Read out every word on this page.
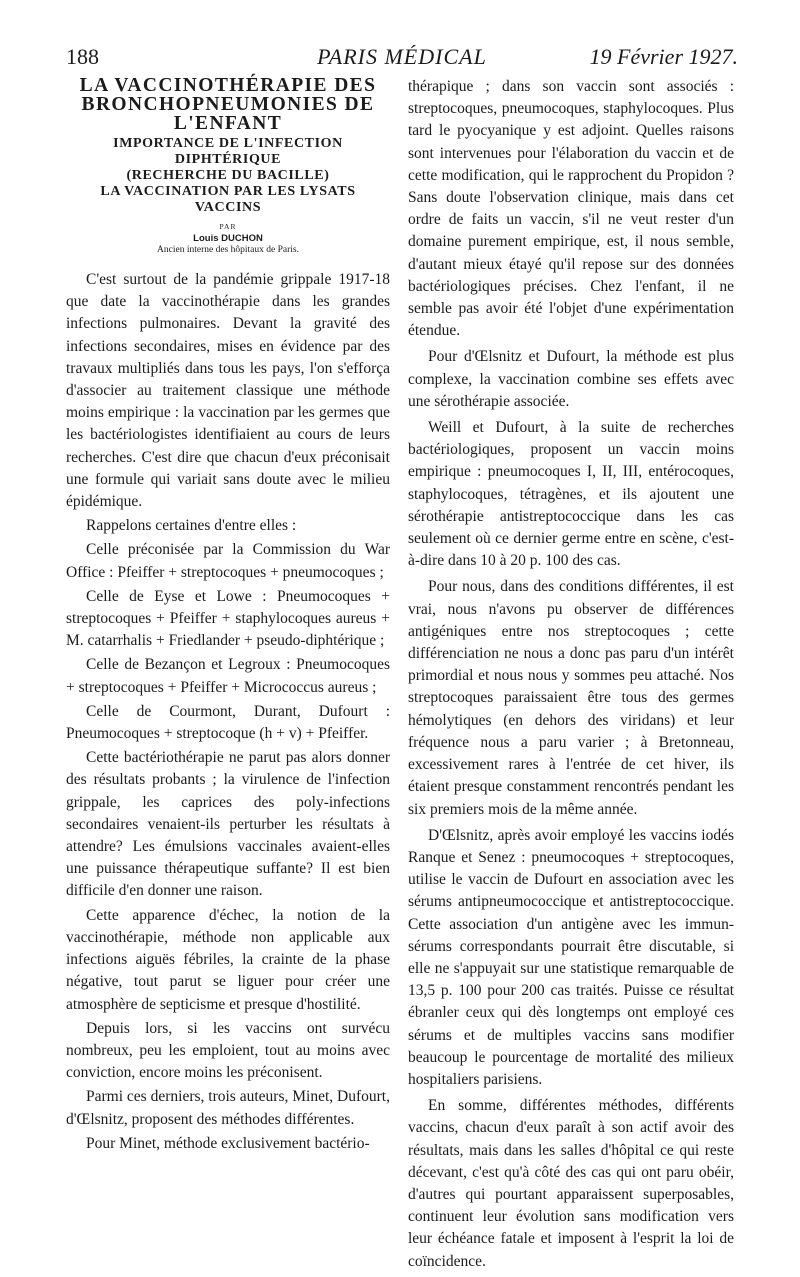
188	PARIS MÉDICAL	19 Février 1927.
LA VACCINOTHÉRAPIE DES
BRONCHOPNEUMONIES DE
L'ENFANT
IMPORTANCE DE L'INFECTION
DIPHTÉRIQUE
(RECHERCHE DU BACILLE)
LA VACCINATION PAR LES LYSATS
VACCINS
PAR
Louis DUCHON
Ancien interne des hôpitaux de Paris.

C'est surtout de la pandémie grippale 1917-18 que date la vaccinothérapie dans les grandes infections pulmonaires. Devant la gravité des infections secondaires, mises en évidence par des travaux multipliés dans tous les pays, l'on s'efforça d'associer au traitement classique une méthode moins empirique : la vaccination par les germes que les bactériologistes identifiaient au cours de leurs recherches. C'est dire que chacun d'eux préconisait une formule qui variait sans doute avec le milieu épidémique.

Rappelons certaines d'entre elles :

Celle préconisée par la Commission du War Office : Pfeiffer + streptocoques + pneumocoques ;

Celle de Eyse et Lowe : Pneumocoques + streptocoques + Pfeiffer + staphylocoques aureus + M. catarrhalis + Friedlander + pseudo-diphtérique ;

Celle de Bezançon et Legroux : Pneumocoques + streptocoques + Pfeiffer + Micrococcus aureus ;

Celle de Courmont, Durant, Dufourt : Pneumocoques + streptocoque (h + v) + Pfeiffer.

Cette bactériothérapie ne parut pas alors donner des résultats probants ; la virulence de l'infection grippale, les caprices des poly-infections secondaires venaient-ils perturber les résultats à attendre? Les émulsions vaccinales avaient-elles une puissance thérapeutique suffante? Il est bien difficile d'en donner une raison.

Cette apparence d'échec, la notion de la vaccinothérapie, méthode non applicable aux infections aiguës fébriles, la crainte de la phase négative, tout parut se liguer pour créer une atmosphère de septicisme et presque d'hostilité.

Depuis lors, si les vaccins ont survécu nombreux, peu les emploient, tout au moins avec conviction, encore moins les préconisent.

Parmi ces derniers, trois auteurs, Minet, Dufourt, d'Œlsnitz, proposent des méthodes différentes.

Pour Minet, méthode exclusivement bactério-

thérapique ; dans son vaccin sont associés : streptocoques, pneumocoques, staphylocoques. Plus tard le pyocyanique y est adjoint. Quelles raisons sont intervenues pour l'élaboration du vaccin et de cette modification, qui le rapprochent du Propidon ? Sans doute l'observation clinique, mais dans cet ordre de faits un vaccin, s'il ne veut rester d'un domaine purement empirique, est, il nous semble, d'autant mieux étayé qu'il repose sur des données bactériologiques précises. Chez l'enfant, il ne semble pas avoir été l'objet d'une expérimentation étendue.

Pour d'Œlsnitz et Dufourt, la méthode est plus complexe, la vaccination combine ses effets avec une sérothérapie associée.

Weill et Dufourt, à la suite de recherches bactériologiques, proposent un vaccin moins empirique : pneumocoques I, II, III, entérocoques, staphylocoques, tétragènes, et ils ajoutent une sérothérapie antistreptococcique dans les cas seulement où ce dernier germe entre en scène, c'est-à-dire dans 10 à 20 p. 100 des cas.

Pour nous, dans des conditions différentes, il est vrai, nous n'avons pu observer de différences antigéniques entre nos streptocoques ; cette différenciation ne nous a donc pas paru d'un intérêt primordial et nous nous y sommes peu attaché. Nos streptocoques paraissaient être tous des germes hémolytiques (en dehors des viridans) et leur fréquence nous a paru varier ; à Bretonneau, excessivement rares à l'entrée de cet hiver, ils étaient presque constamment rencontrés pendant les six premiers mois de la même année.

D'Œlsnitz, après avoir employé les vaccins iodés Ranque et Senez : pneumocoques + streptocoques, utilise le vaccin de Dufourt en association avec les sérums antipneumococcique et antistreptococcique. Cette association d'un antigène avec les immun-sérums correspondants pourrait être discutable, si elle ne s'appuyait sur une statistique remarquable de 13,5 p. 100 pour 200 cas traités. Puisse ce résultat ébranler ceux qui dès longtemps ont employé ces sérums et de multiples vaccins sans modifier beaucoup le pourcentage de mortalité des milieux hospitaliers parisiens.

En somme, différentes méthodes, différents vaccins, chacun d'eux paraît à son actif avoir des résultats, mais dans les salles d'hôpital ce qui reste décevant, c'est qu'à côté des cas qui ont paru obéir, d'autres qui pourtant apparaissent superposables, continuent leur évolution sans modification vers leur échéance fatale et imposent à l'esprit la loi de coïncidence.
